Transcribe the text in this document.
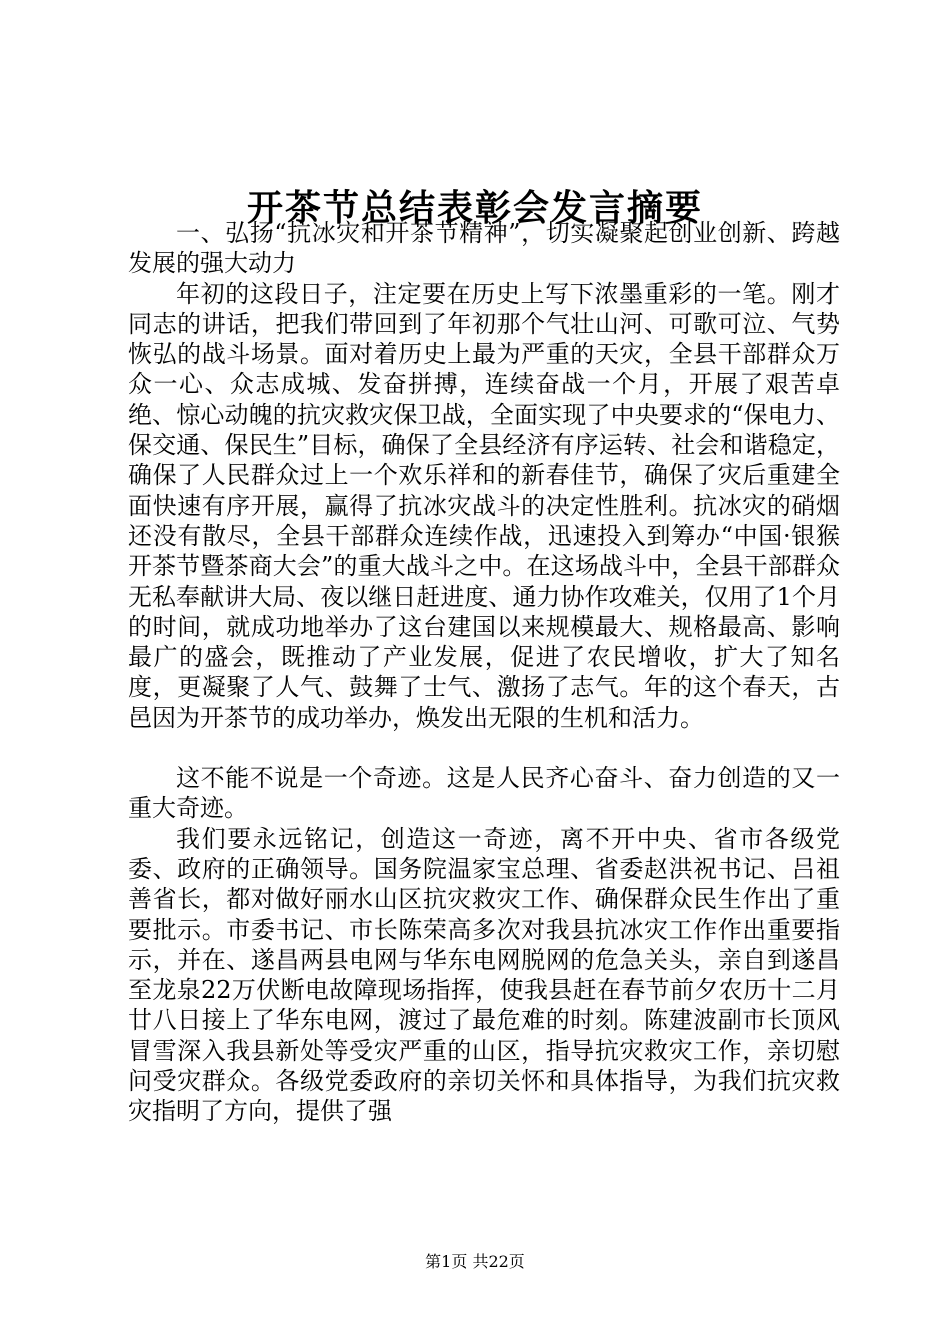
开茶节总结表彰会发言摘要

一、弘扬“抗冰灾和开茶节精神”，切实凝聚起创业创新、跨越发展的强大动力

年初的这段日子，注定要在历史上写下浓墨重彩的一笔。刚才同志的讲话，把我们带回到了年初那个气壮山河、可歌可泣、气势恢弘的战斗场景。面对着历史上最为严重的天灾，全县干部群众万众一心、众志成城、发奋拼搏，连续奋战一个月，开展了艰苦卓绝、惊心动魄的抗灾救灾保卫战，全面实现了中央要求的“保电力、保交通、保民生”目标，确保了全县经济有序运转、社会和谐稳定，确保了人民群众过上一个欢乐祥和的新春佳节，确保了灾后重建全面快速有序开展，赢得了抗冰灾战斗的决定性胜利。抗冰灾的硝烟还没有散尽，全县干部群众连续作战，迅速投入到筹办“中国·银猴开茶节暨茶商大会”的重大战斗之中。在这场战斗中，全县干部群众无私奉献讲大局、夜以继日赶进度、通力协作攻难关，仅用了1个月的时间，就成功地举办了这台建国以来规模最大、规格最高、影响最广的盛会，既推动了产业发展，促进了农民增收，扩大了知名度，更凝聚了人气、鼓舞了士气、激扬了志气。年的这个春天，古邑因为开茶节的成功举办，焕发出无限的生机和活力。

这不能不说是一个奇迹。这是人民齐心奋斗、奋力创造的又一重大奇迹。

我们要永远铭记，创造这一奇迹，离不开中央、省市各级党委、政府的正确领导。国务院温家宝总理、省委赵洪祝书记、吕祖善省长，都对做好丽水山区抗灾救灾工作、确保群众民生作出了重要批示。市委书记、市长陈荣高多次对我县抗冰灾工作作出重要指示，并在、遂昌两县电网与华东电网脱网的危急关头，亲自到遂昌至龙泉22万伏断电故障现场指挥，使我县赶在春节前夕农历十二月廿八日接上了华东电网，渡过了最危难的时刻。陈建波副市长顶风冒雪深入我县新处等受灾严重的山区，指导抗灾救灾工作，亲切慰问受灾群众。各级党委政府的亲切关怀和具体指导，为我们抗灾救灾指明了方向，提供了强

第1页 共22页
